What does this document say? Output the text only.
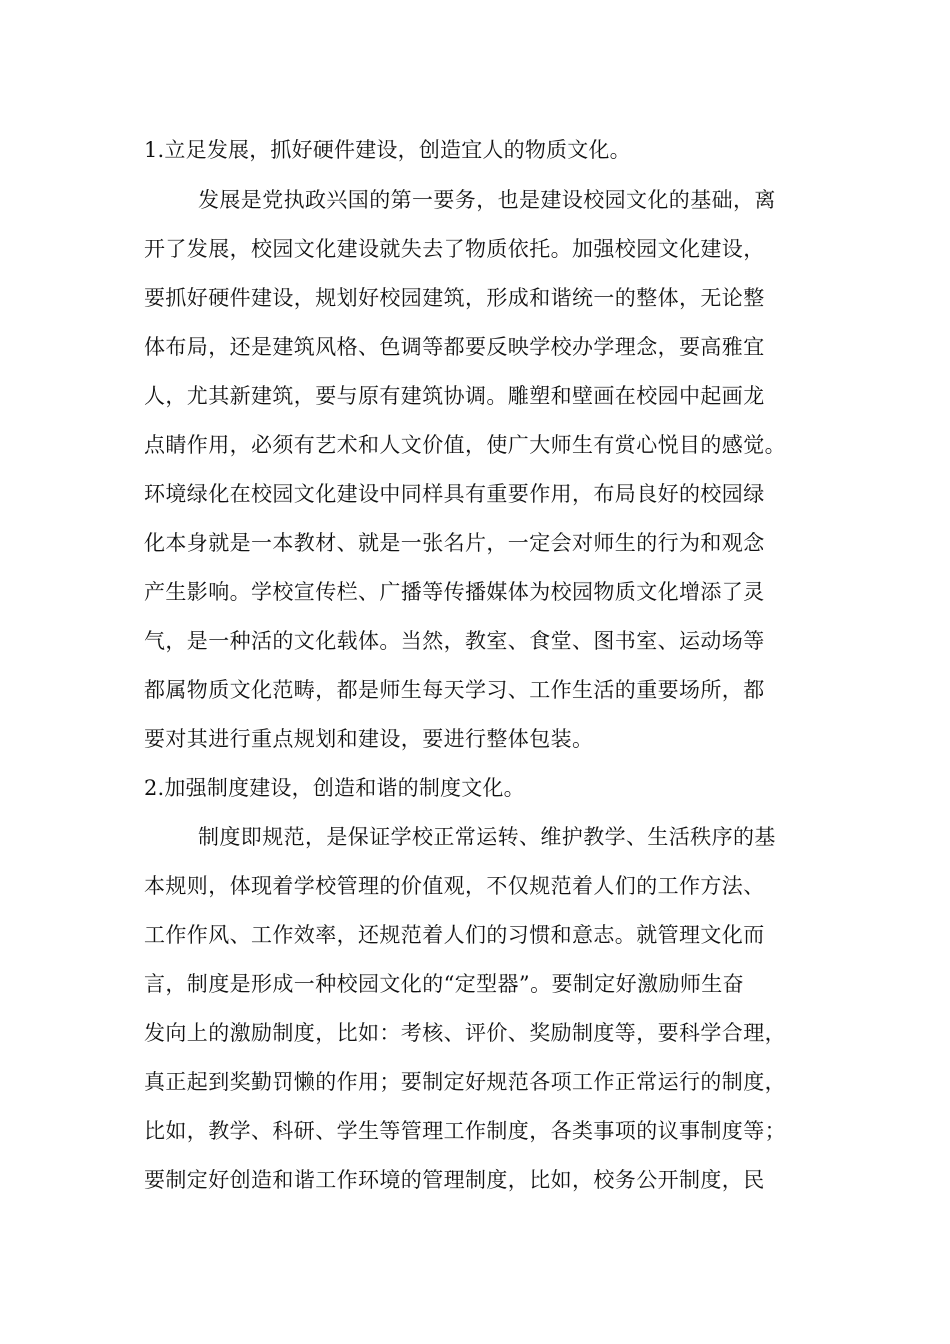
1.立足发展，抓好硬件建设，创造宜人的物质文化。
发展是党执政兴国的第一要务，也是建设校园文化的基础，离
开了发展，校园文化建设就失去了物质依托。加强校园文化建设，
要抓好硬件建设，规划好校园建筑，形成和谐统一的整体，无论整
体布局，还是建筑风格、色调等都要反映学校办学理念，要高雅宜
人，尤其新建筑，要与原有建筑协调。雕塑和壁画在校园中起画龙
点睛作用，必须有艺术和人文价值，使广大师生有赏心悦目的感觉。
环境绿化在校园文化建设中同样具有重要作用，布局良好的校园绿
化本身就是一本教材、就是一张名片，一定会对师生的行为和观念
产生影响。学校宣传栏、广播等传播媒体为校园物质文化增添了灵
气，是一种活的文化载体。当然，教室、食堂、图书室、运动场等
都属物质文化范畴，都是师生每天学习、工作生活的重要场所，都
要对其进行重点规划和建设，要进行整体包装。
2.加强制度建设，创造和谐的制度文化。
制度即规范，是保证学校正常运转、维护教学、生活秩序的基
本规则，体现着学校管理的价值观，不仅规范着人们的工作方法、
工作作风、工作效率，还规范着人们的习惯和意志。就管理文化而
言，制度是形成一种校园文化的“定型器”。要制定好激励师生奋
发向上的激励制度，比如：考核、评价、奖励制度等，要科学合理，
真正起到奖勤罚懒的作用；要制定好规范各项工作正常运行的制度，
比如，教学、科研、学生等管理工作制度，各类事项的议事制度等；
要制定好创造和谐工作环境的管理制度，比如，校务公开制度，民
